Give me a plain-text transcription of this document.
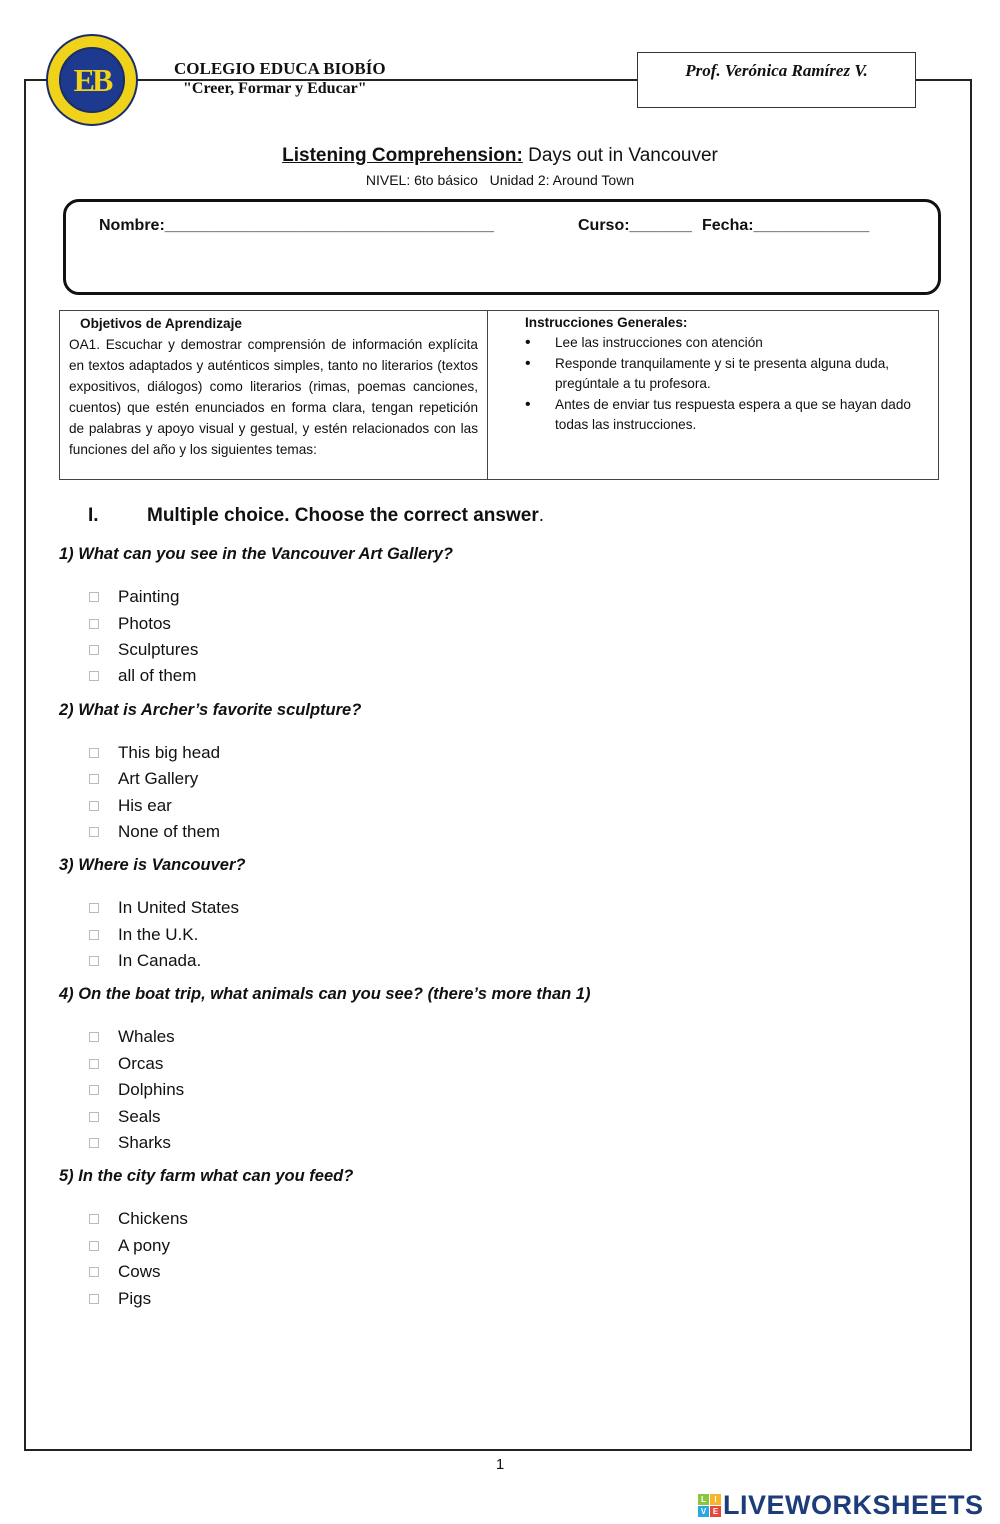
EB	COLEGIO EDUCA BIOBÍO
"Creer, Formar y Educar"
Prof. Verónica Ramírez V.
Listening Comprehension: Days out in Vancouver
NIVEL: 6to básico   Unidad 2: Around Town
Nombre:_____________________________________	Curso:_______ Fecha:_____________
Objetivos de Aprendizaje

OA1. Escuchar y demostrar comprensión de información explícita en textos adaptados y auténticos simples, tanto no literarios (textos expositivos, diálogos) como literarios (rimas, poemas canciones, cuentos) que estén enunciados en forma clara, tengan repetición de palabras y apoyo visual y gestual, y estén relacionados con las funciones del año y los siguientes temas:

Instrucciones Generales:
• Lee las instrucciones con atención
• Responde tranquilamente y si te presenta alguna duda, pregúntale a tu profesora.
• Antes de enviar tus respuesta espera a que se hayan dado todas las instrucciones.
I.	Multiple choice. Choose the correct answer.
1) What can you see in the Vancouver Art Gallery?
Painting
Photos
Sculptures
all of them
2) What is Archer’s favorite sculpture?
This big head
Art Gallery
His ear
None of them
3) Where is Vancouver?
In United States
In the U.K.
In Canada.
4) On the boat trip, what animals can you see? (there’s more than 1)
Whales
Orcas
Dolphins
Seals
Sharks
5) In the city farm what can you feed?
Chickens
A pony
Cows
Pigs
1
L	I
V E LIVEWORKSHEETS
